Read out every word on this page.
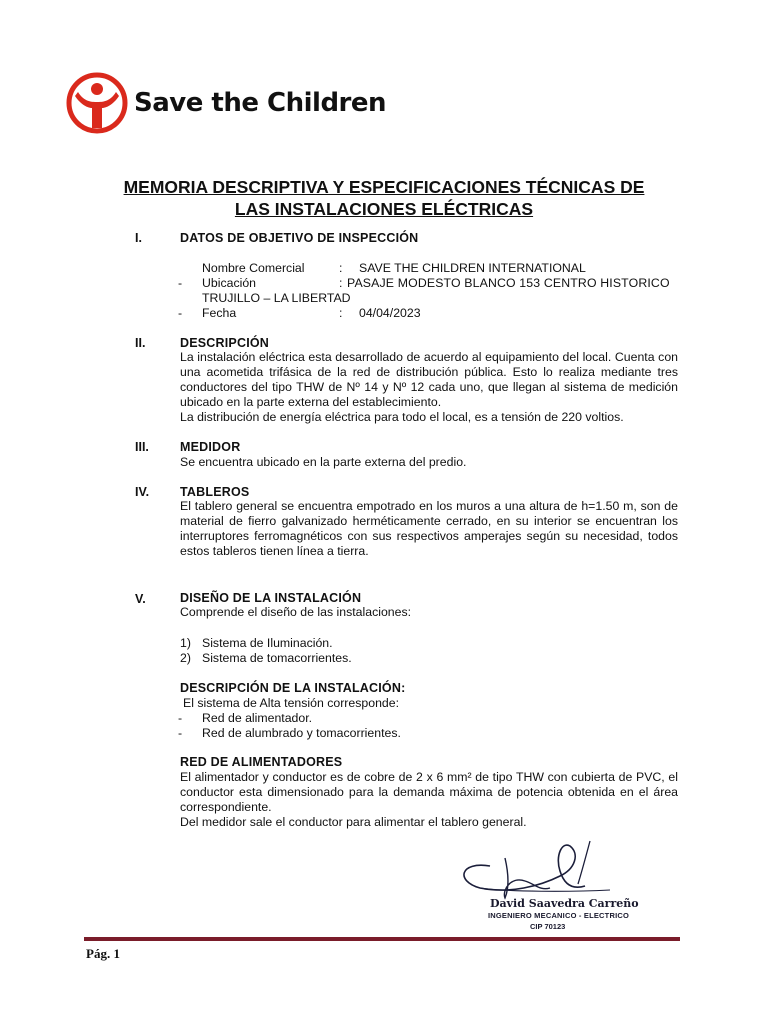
Save the Children
MEMORIA DESCRIPTIVA Y ESPECIFICACIONES TÉCNICAS DE
LAS INSTALACIONES ELÉCTRICAS
I.	DATOS DE OBJETIVO DE INSPECCIÓN
Nombre Comercial	: SAVE THE CHILDREN INTERNATIONAL
- Ubicación	: PASAJE MODESTO BLANCO 153 CENTRO HISTORICO
TRUJILLO – LA LIBERTAD
- Fecha	: 04/04/2023
II.	DESCRIPCIÓN
La instalación eléctrica esta desarrollado de acuerdo al equipamiento del local. Cuenta con una acometida trifásica de la red de distribución pública. Esto lo realiza mediante tres conductores del tipo THW de Nº 14 y Nº 12 cada uno, que llegan al sistema de medición ubicado en la parte externa del establecimiento.
La distribución de energía eléctrica para todo el local, es a tensión de 220 voltios.
III. MEDIDOR
Se encuentra ubicado en la parte externa del predio.
IV. TABLEROS
El tablero general se encuentra empotrado en los muros a una altura de h=1.50 m, son de material de fierro galvanizado herméticamente cerrado, en su interior se encuentran los interruptores ferromagnéticos con sus respectivos amperajes según su necesidad, todos estos tableros tienen línea a tierra.
V.	DISEÑO DE LA INSTALACIÓN
Comprende el diseño de las instalaciones:
1) Sistema de Iluminación.
2) Sistema de tomacorrientes.
DESCRIPCIÓN DE LA INSTALACIÓN:
El sistema de Alta tensión corresponde:
- Red de alimentador.
- Red de alumbrado y tomacorrientes.
RED DE ALIMENTADORES
El alimentador y conductor es de cobre de 2 x 6 mm² de tipo THW con cubierta de PVC, el conductor esta dimensionado para la demanda máxima de potencia obtenida en el área correspondiente.
Del medidor sale el conductor para alimentar el tablero general.
David Saavedra Carreño
INGENIERO MECANICO - ELECTRICO
CIP 70123
Pág. 1
